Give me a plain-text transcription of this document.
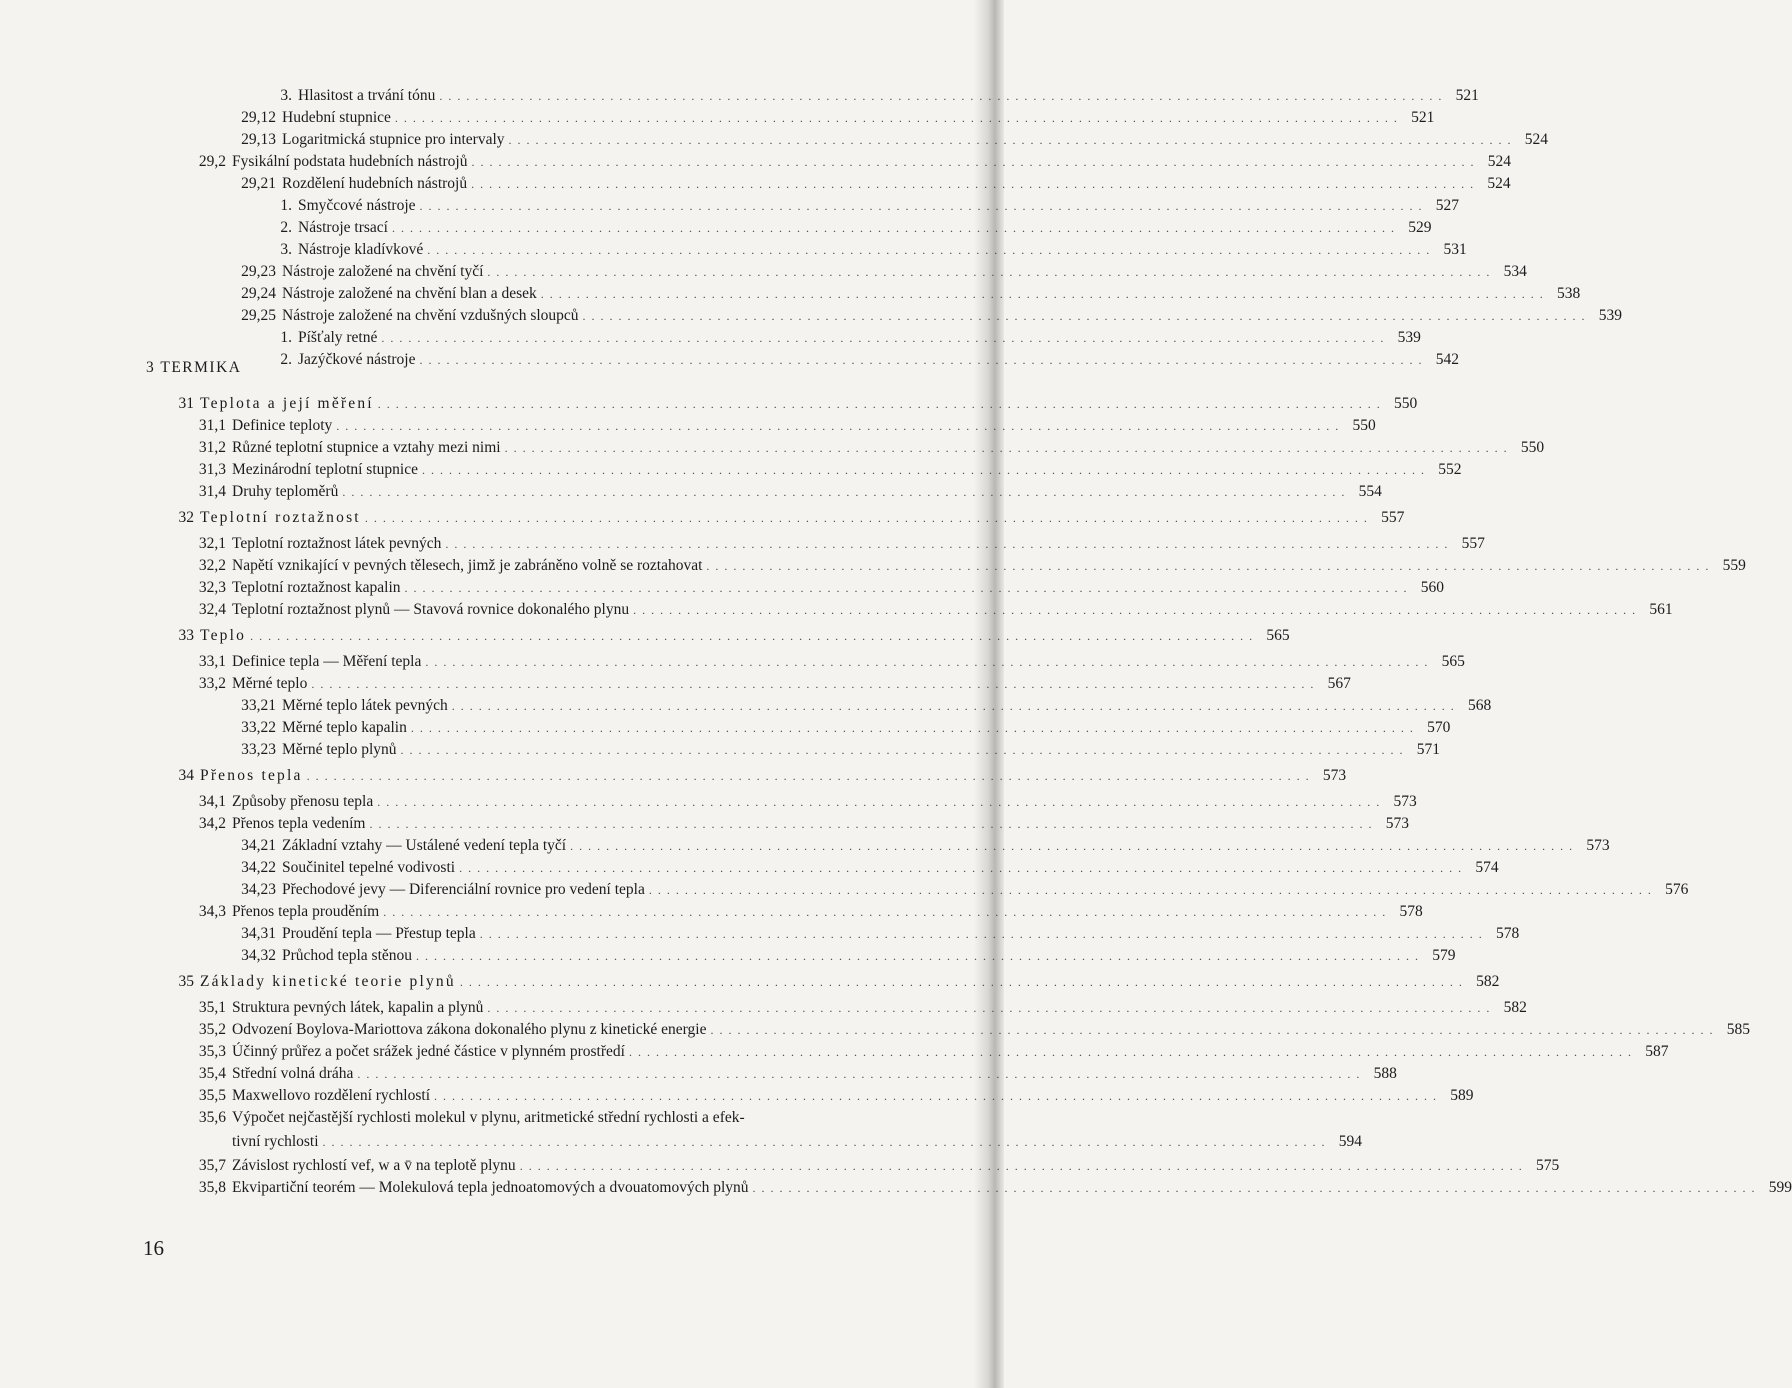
3. Hlasitost a trvání tónu . . . . . . . . . . . . . . . . . . . . . . . . . . . . . . . . . . . . . . . . . . . . . . . . . . . . . . . . . . . . . . . . . . . . . . . . . . . . . . . . . . . . . . . . . . . . . . . . . . . . . . . . . . . . . . . . 521
29,12 Hudební stupnice . . . . . . . . . . . . . . . . . . . . . . . . . . . . . . . . . . . . . . . . . . . . . . . . . . . . . . . . . . . . . . . . . . . . . . . . . . . . . . . . . . . . . . . . . . . . . . . . . . . . . . . . . . . . . . . . 521
29,13 Logaritmická stupnice pro intervaly . . . . . . . . . . . . . . . . . . . . . . . . . . . . . . . . . . . . . . . . . . . . . . . . . . . . . . . . . . . . . . . . . . . . . . . . . . . . . . . . . . . . . . . . . . . . . . . . . . . . . . . . . . . . . . . . 524
29,2 Fysikální podstata hudebních nástrojů . . . . . . . . . . . . . . . . . . . . . . . . . . . . . . . . . . . . . . . . . . . . . . . . . . . . . . . . . . . . . . . . . . . . . . . . . . . . . . . . . . . . . . . . . . . . . . . . . . . . . . . . . . . . . . . . 524
29,21 Rozdělení hudebních nástrojů . . . . . . . . . . . . . . . . . . . . . . . . . . . . . . . . . . . . . . . . . . . . . . . . . . . . . . . . . . . . . . . . . . . . . . . . . . . . . . . . . . . . . . . . . . . . . . . . . . . . . . . . . . . . . . . . 524
1. Smyčcové nástroje . . . . . . . . . . . . . . . . . . . . . . . . . . . . . . . . . . . . . . . . . . . . . . . . . . . . . . . . . . . . . . . . . . . . . . . . . . . . . . . . . . . . . . . . . . . . . . . . . . . . . . . . . . . . . . . . 527
2. Nástroje trsací . . . . . . . . . . . . . . . . . . . . . . . . . . . . . . . . . . . . . . . . . . . . . . . . . . . . . . . . . . . . . . . . . . . . . . . . . . . . . . . . . . . . . . . . . . . . . . . . . . . . . . . . . . . . . . . . 529
3. Nástroje kladívkové . . . . . . . . . . . . . . . . . . . . . . . . . . . . . . . . . . . . . . . . . . . . . . . . . . . . . . . . . . . . . . . . . . . . . . . . . . . . . . . . . . . . . . . . . . . . . . . . . . . . . . . . . . . . . . . . 531
29,23 Nástroje založené na chvění tyčí . . . . . . . . . . . . . . . . . . . . . . . . . . . . . . . . . . . . . . . . . . . . . . . . . . . . . . . . . . . . . . . . . . . . . . . . . . . . . . . . . . . . . . . . . . . . . . . . . . . . . . . . . . . . . . . . 534
29,24 Nástroje založené na chvění blan a desek . . . . . . . . . . . . . . . . . . . . . . . . . . . . . . . . . . . . . . . . . . . . . . . . . . . . . . . . . . . . . . . . . . . . . . . . . . . . . . . . . . . . . . . . . . . . . . . . . . . . . . . . . . . . . . . . 538
29,25 Nástroje založené na chvění vzdušných sloupců . . . . . . . . . . . . . . . . . . . . . . . . . . . . . . . . . . . . . . . . . . . . . . . . . . . . . . . . . . . . . . . . . . . . . . . . . . . . . . . . . . . . . . . . . . . . . . . . . . . . . . . . . . . . . . . . 539
1. Píšťaly retné . . . . . . . . . . . . . . . . . . . . . . . . . . . . . . . . . . . . . . . . . . . . . . . . . . . . . . . . . . . . . . . . . . . . . . . . . . . . . . . . . . . . . . . . . . . . . . . . . . . . . . . . . . . . . . . . 539
2. Jazýčkové nástroje . . . . . . . . . . . . . . . . . . . . . . . . . . . . . . . . . . . . . . . . . . . . . . . . . . . . . . . . . . . . . . . . . . . . . . . . . . . . . . . . . . . . . . . . . . . . . . . . . . . . . . . . . . . . . . . . 542
31 Teplota a její měření . . . . . . . . . . . . . . . . . . . . . . . . . . . . . . . . . . . . . . . . . . . . . . . . . . . . . . . . . . . . . . . . . . . . . . . . . . . . . . . . . . . . . . . . . . . . . . . . . . . . . . . . . . . . . . . . 550
31,1 Definice teploty . . . . . . . . . . . . . . . . . . . . . . . . . . . . . . . . . . . . . . . . . . . . . . . . . . . . . . . . . . . . . . . . . . . . . . . . . . . . . . . . . . . . . . . . . . . . . . . . . . . . . . . . . . . . . . . . 550
31,2 Různé teplotní stupnice a vztahy mezi nimi . . . . . . . . . . . . . . . . . . . . . . . . . . . . . . . . . . . . . . . . . . . . . . . . . . . . . . . . . . . . . . . . . . . . . . . . . . . . . . . . . . . . . . . . . . . . . . . . . . . . . . . . . . . . . . . . 550
31,3 Mezinárodní teplotní stupnice . . . . . . . . . . . . . . . . . . . . . . . . . . . . . . . . . . . . . . . . . . . . . . . . . . . . . . . . . . . . . . . . . . . . . . . . . . . . . . . . . . . . . . . . . . . . . . . . . . . . . . . . . . . . . . . . 552
31,4 Druhy teploměrů . . . . . . . . . . . . . . . . . . . . . . . . . . . . . . . . . . . . . . . . . . . . . . . . . . . . . . . . . . . . . . . . . . . . . . . . . . . . . . . . . . . . . . . . . . . . . . . . . . . . . . . . . . . . . . . . 554
32 Teplotní roztažnost . . . . . . . . . . . . . . . . . . . . . . . . . . . . . . . . . . . . . . . . . . . . . . . . . . . . . . . . . . . . . . . . . . . . . . . . . . . . . . . . . . . . . . . . . . . . . . . . . . . . . . . . . . . . . . . . 557
32,1 Teplotní roztažnost látek pevných . . . . . . . . . . . . . . . . . . . . . . . . . . . . . . . . . . . . . . . . . . . . . . . . . . . . . . . . . . . . . . . . . . . . . . . . . . . . . . . . . . . . . . . . . . . . . . . . . . . . . . . . . . . . . . . . 557
32,2 Napětí vznikající v pevných tělesech, jimž je zabráněno volně se roztahovat . . . . . . . . . . . . . . . . . . . . . . . . . . . . . . . . . . . . . . . . . . . . . . . . . . . . . . . . . . . . . . . . . . . . . . . . . . . . . . . . . . . . . . . . . . . . . . . . . . . . . . . . . . . . . . . . 559
32,3 Teplotní roztažnost kapalin . . . . . . . . . . . . . . . . . . . . . . . . . . . . . . . . . . . . . . . . . . . . . . . . . . . . . . . . . . . . . . . . . . . . . . . . . . . . . . . . . . . . . . . . . . . . . . . . . . . . . . . . . . . . . . . . 560
32,4 Teplotní roztažnost plynů — Stavová rovnice dokonalého plynu . . . . . . . . . . . . . . . . . . . . . . . . . . . . . . . . . . . . . . . . . . . . . . . . . . . . . . . . . . . . . . . . . . . . . . . . . . . . . . . . . . . . . . . . . . . . . . . . . . . . . . . . . . . . . . . . 561
33 Teplo . . . . . . . . . . . . . . . . . . . . . . . . . . . . . . . . . . . . . . . . . . . . . . . . . . . . . . . . . . . . . . . . . . . . . . . . . . . . . . . . . . . . . . . . . . . . . . . . . . . . . . . . . . . . . . . . 565
33,1 Definice tepla — Měření tepla . . . . . . . . . . . . . . . . . . . . . . . . . . . . . . . . . . . . . . . . . . . . . . . . . . . . . . . . . . . . . . . . . . . . . . . . . . . . . . . . . . . . . . . . . . . . . . . . . . . . . . . . . . . . . . . . 565
33,2 Měrné teplo . . . . . . . . . . . . . . . . . . . . . . . . . . . . . . . . . . . . . . . . . . . . . . . . . . . . . . . . . . . . . . . . . . . . . . . . . . . . . . . . . . . . . . . . . . . . . . . . . . . . . . . . . . . . . . . . 567
33,21 Měrné teplo látek pevných . . . . . . . . . . . . . . . . . . . . . . . . . . . . . . . . . . . . . . . . . . . . . . . . . . . . . . . . . . . . . . . . . . . . . . . . . . . . . . . . . . . . . . . . . . . . . . . . . . . . . . . . . . . . . . . . 568
33,22 Měrné teplo kapalin . . . . . . . . . . . . . . . . . . . . . . . . . . . . . . . . . . . . . . . . . . . . . . . . . . . . . . . . . . . . . . . . . . . . . . . . . . . . . . . . . . . . . . . . . . . . . . . . . . . . . . . . . . . . . . . . 570
33,23 Měrné teplo plynů . . . . . . . . . . . . . . . . . . . . . . . . . . . . . . . . . . . . . . . . . . . . . . . . . . . . . . . . . . . . . . . . . . . . . . . . . . . . . . . . . . . . . . . . . . . . . . . . . . . . . . . . . . . . . . . . 571
34 Přenos tepla . . . . . . . . . . . . . . . . . . . . . . . . . . . . . . . . . . . . . . . . . . . . . . . . . . . . . . . . . . . . . . . . . . . . . . . . . . . . . . . . . . . . . . . . . . . . . . . . . . . . . . . . . . . . . . . . 573
34,1 Způsoby přenosu tepla . . . . . . . . . . . . . . . . . . . . . . . . . . . . . . . . . . . . . . . . . . . . . . . . . . . . . . . . . . . . . . . . . . . . . . . . . . . . . . . . . . . . . . . . . . . . . . . . . . . . . . . . . . . . . . . . 573
34,2 Přenos tepla vedením . . . . . . . . . . . . . . . . . . . . . . . . . . . . . . . . . . . . . . . . . . . . . . . . . . . . . . . . . . . . . . . . . . . . . . . . . . . . . . . . . . . . . . . . . . . . . . . . . . . . . . . . . . . . . . . . 573
34,21 Základní vztahy — Ustálené vedení tepla tyčí . . . . . . . . . . . . . . . . . . . . . . . . . . . . . . . . . . . . . . . . . . . . . . . . . . . . . . . . . . . . . . . . . . . . . . . . . . . . . . . . . . . . . . . . . . . . . . . . . . . . . . . . . . . . . . . . 573
34,22 Součinitel tepelné vodivosti . . . . . . . . . . . . . . . . . . . . . . . . . . . . . . . . . . . . . . . . . . . . . . . . . . . . . . . . . . . . . . . . . . . . . . . . . . . . . . . . . . . . . . . . . . . . . . . . . . . . . . . . . . . . . . . . 574
34,23 Přechodové jevy — Diferenciální rovnice pro vedení tepla . . . . . . . . . . . . . . . . . . . . . . . . . . . . . . . . . . . . . . . . . . . . . . . . . . . . . . . . . . . . . . . . . . . . . . . . . . . . . . . . . . . . . . . . . . . . . . . . . . . . . . . . . . . . . . . . 576
34,3 Přenos tepla prouděním . . . . . . . . . . . . . . . . . . . . . . . . . . . . . . . . . . . . . . . . . . . . . . . . . . . . . . . . . . . . . . . . . . . . . . . . . . . . . . . . . . . . . . . . . . . . . . . . . . . . . . . . . . . . . . . . 578
34,31 Proudění tepla — Přestup tepla . . . . . . . . . . . . . . . . . . . . . . . . . . . . . . . . . . . . . . . . . . . . . . . . . . . . . . . . . . . . . . . . . . . . . . . . . . . . . . . . . . . . . . . . . . . . . . . . . . . . . . . . . . . . . . . . 578
34,32 Průchod tepla stěnou . . . . . . . . . . . . . . . . . . . . . . . . . . . . . . . . . . . . . . . . . . . . . . . . . . . . . . . . . . . . . . . . . . . . . . . . . . . . . . . . . . . . . . . . . . . . . . . . . . . . . . . . . . . . . . . . 579
35 Základy kinetické teorie plynů . . . . . . . . . . . . . . . . . . . . . . . . . . . . . . . . . . . . . . . . . . . . . . . . . . . . . . . . . . . . . . . . . . . . . . . . . . . . . . . . . . . . . . . . . . . . . . . . . . . . . . . . . . . . . . . . 582
35,1 Struktura pevných látek, kapalin a plynů . . . . . . . . . . . . . . . . . . . . . . . . . . . . . . . . . . . . . . . . . . . . . . . . . . . . . . . . . . . . . . . . . . . . . . . . . . . . . . . . . . . . . . . . . . . . . . . . . . . . . . . . . . . . . . . . 582
35,2 Odvození Boylova-Mariottova zákona dokonalého plynu z kinetické energie . . . . . . . . . . . . . . . . . . . . . . . . . . . . . . . . . . . . . . . . . . . . . . . . . . . . . . . . . . . . . . . . . . . . . . . . . . . . . . . . . . . . . . . . . . . . . . . . . . . . . . . . . . . . . . . . 585
35,3 Účinný průřez a počet srážek jedné částice v plynném prostředí . . . . . . . . . . . . . . . . . . . . . . . . . . . . . . . . . . . . . . . . . . . . . . . . . . . . . . . . . . . . . . . . . . . . . . . . . . . . . . . . . . . . . . . . . . . . . . . . . . . . . . . . . . . . . . . . 587
35,4 Střední volná dráha . . . . . . . . . . . . . . . . . . . . . . . . . . . . . . . . . . . . . . . . . . . . . . . . . . . . . . . . . . . . . . . . . . . . . . . . . . . . . . . . . . . . . . . . . . . . . . . . . . . . . . . . . . . . . . . . 588
35,5 Maxwellovo rozdělení rychlostí . . . . . . . . . . . . . . . . . . . . . . . . . . . . . . . . . . . . . . . . . . . . . . . . . . . . . . . . . . . . . . . . . . . . . . . . . . . . . . . . . . . . . . . . . . . . . . . . . . . . . . . . . . . . . . . . 589
35,6 Výpočet nejčastější rychlosti molekul v plynu, aritmetické střední rychlosti a efek-
tivní rychlosti . . . . . . . . . . . . . . . . . . . . . . . . . . . . . . . . . . . . . . . . . . . . . . . . . . . . . . . . . . . . . . . . . . . . . . . . . . . . . . . . . . . . . . . . . . . . . . . . . . . . . . . . . . . . . . . . 594
35,7 Závislost rychlostí vef, w a v̄ na teplotě plynu . . . . . . . . . . . . . . . . . . . . . . . . . . . . . . . . . . . . . . . . . . . . . . . . . . . . . . . . . . . . . . . . . . . . . . . . . . . . . . . . . . . . . . . . . . . . . . . . . . . . . . . . . . . . . . . . 575
35,8 Ekvipartiční teorém — Molekulová tepla jednoatomových a dvouatomových plynů . . . . . . . . . . . . . . . . . . . . . . . . . . . . . . . . . . . . . . . . . . . . . . . . . . . . . . . . . . . . . . . . . . . . . . . . . . . . . . . . . . . . . . . . . . . . . . . . . . . . . . . . . . . . . . . . 599
3 TERMIKA
16
